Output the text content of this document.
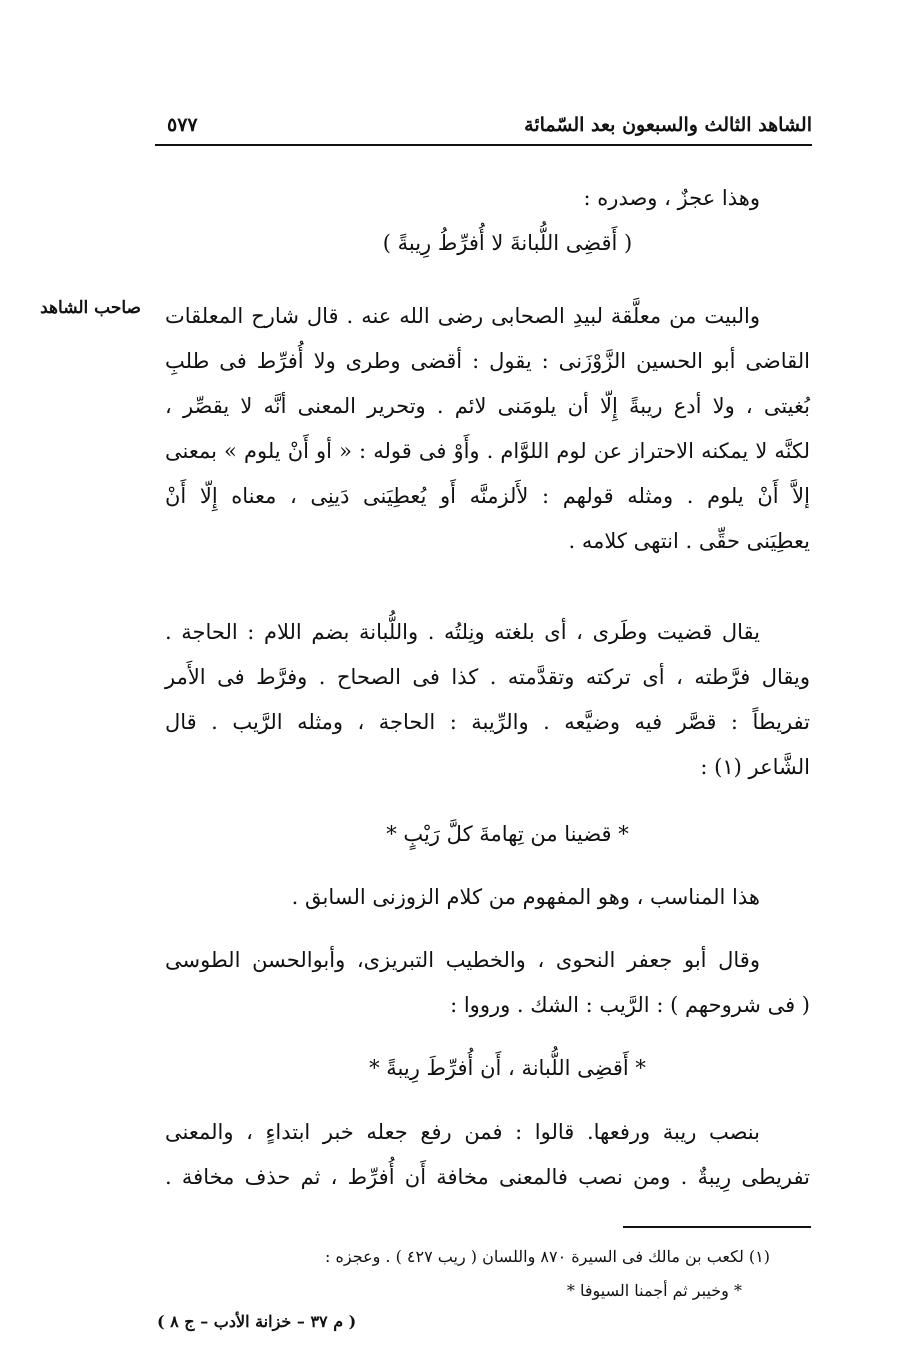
الشاهد الثالث والسبعون بعد السّمائة
٥٧٧
صاحب الشاهد
وهذا عجزٌ ، وصدره :
( أَقضِى اللُّبانةَ لا أُفرِّطُ رِيبةً )
والبيت من معلَّقة لبيدِ الصحابى رضى الله عنه . قال شارح المعلقات
القاضى أبو الحسين الزَّوْزَنى : يقول : أقضى وطرى ولا أُفرِّط فى طلبِ
بُغيتى ، ولا أدع ريبةً إِلّا أن يلومَنى لائم . وتحرير المعنى أنَّه لا يقصِّر ،
لكنَّه لا يمكنه الاحتراز عن لوم اللوَّام . وأَوْ فى قوله : « أو أَنْ يلوم » بمعنى
إلاَّ أَنْ يلوم . ومثله قولهم : لأَلزمنَّه أَو يُعطِيَنى دَينِى ، معناه إِلّا أَنْ
يعطِيَنى حقِّى . انتهى كلامه .
يقال قضيت وطَرى ، أى بلغته ونِلتُه . واللُّبانة بضم اللام : الحاجة .
ويقال فرَّطته ، أى تركته وتقدَّمته . كذا فى الصحاح . وفرَّط فى الأَمر
تفريطاً : قصَّر فيه وضيَّعه . والرِّيبة : الحاجة ، ومثله الرَّيب . قال
الشَّاعر (١) :
* قضينا من تِهامةَ كلَّ رَيْبٍ *
هذا المناسب ، وهو المفهوم من كلام الزوزنى السابق .
وقال أبو جعفر النحوى ، والخطيب التبريزى، وأبوالحسن الطوسى
( فى شروحهم ) : الرَّيب : الشك . ورووا :
* أَقضِى اللُّبانة ، أَن أُفرِّطَ رِيبةً *
بنصب ريبة ورفعها. قالوا : فمن رفع جعله خبر ابتداءٍ ، والمعنى
تفريطى رِيبةٌ . ومن نصب فالمعنى مخافة أَن أُفرِّط ، ثم حذف مخافة .
(١) لكعب بن مالك فى السيرة ٨٧٠ واللسان ( ريب ٤٢٧ ) . وعجزه :
* وخيبر ثم أجمنا السيوفا *
( م ٣٧ – خزانة الأدب – ج ٨ )
